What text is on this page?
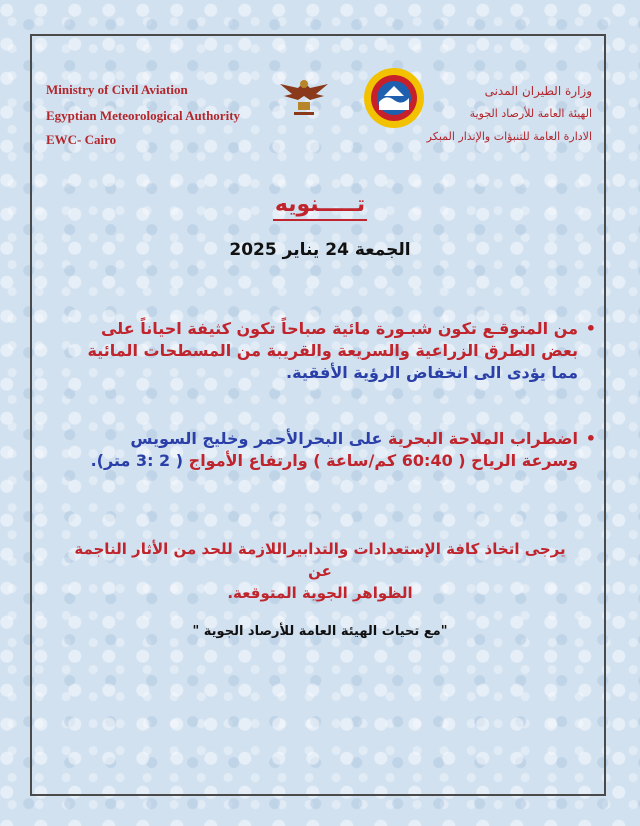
Ministry of Civil Aviation
Egyptian Meteorological Authority
EWC- Cairo
وزارة الطيران المدنى
الهيئة العامة للأرصاد الجوية
الادارة العامة للتنبؤات والإنذار المبكر
تـــــنويه
الجمعة 24 يناير 2025
•
من المتوقـع تكون شبـورة مائية صباحاً تكون كثيفة احياناً على
بعض الطرق الزراعية والسريعة والقريبة من المسطحات المائية
مما يؤدى الى انخفاض الرؤية الأفقية.
•
اضطراب الملاحة البحرية على البحرالأحمر وخليج السويس
وسرعة الرياح ( 60:40 كم/ساعة ) وارتفاع الأمواج ( 2 :3 متر).
يرجى اتخاذ كافة الإستعدادات والتدابيراللازمة للحد من الأثار الناجمة عن
الظواهر الجوية المتوقعة.
"مع تحيات الهيئة العامة للأرصاد الجوية "
